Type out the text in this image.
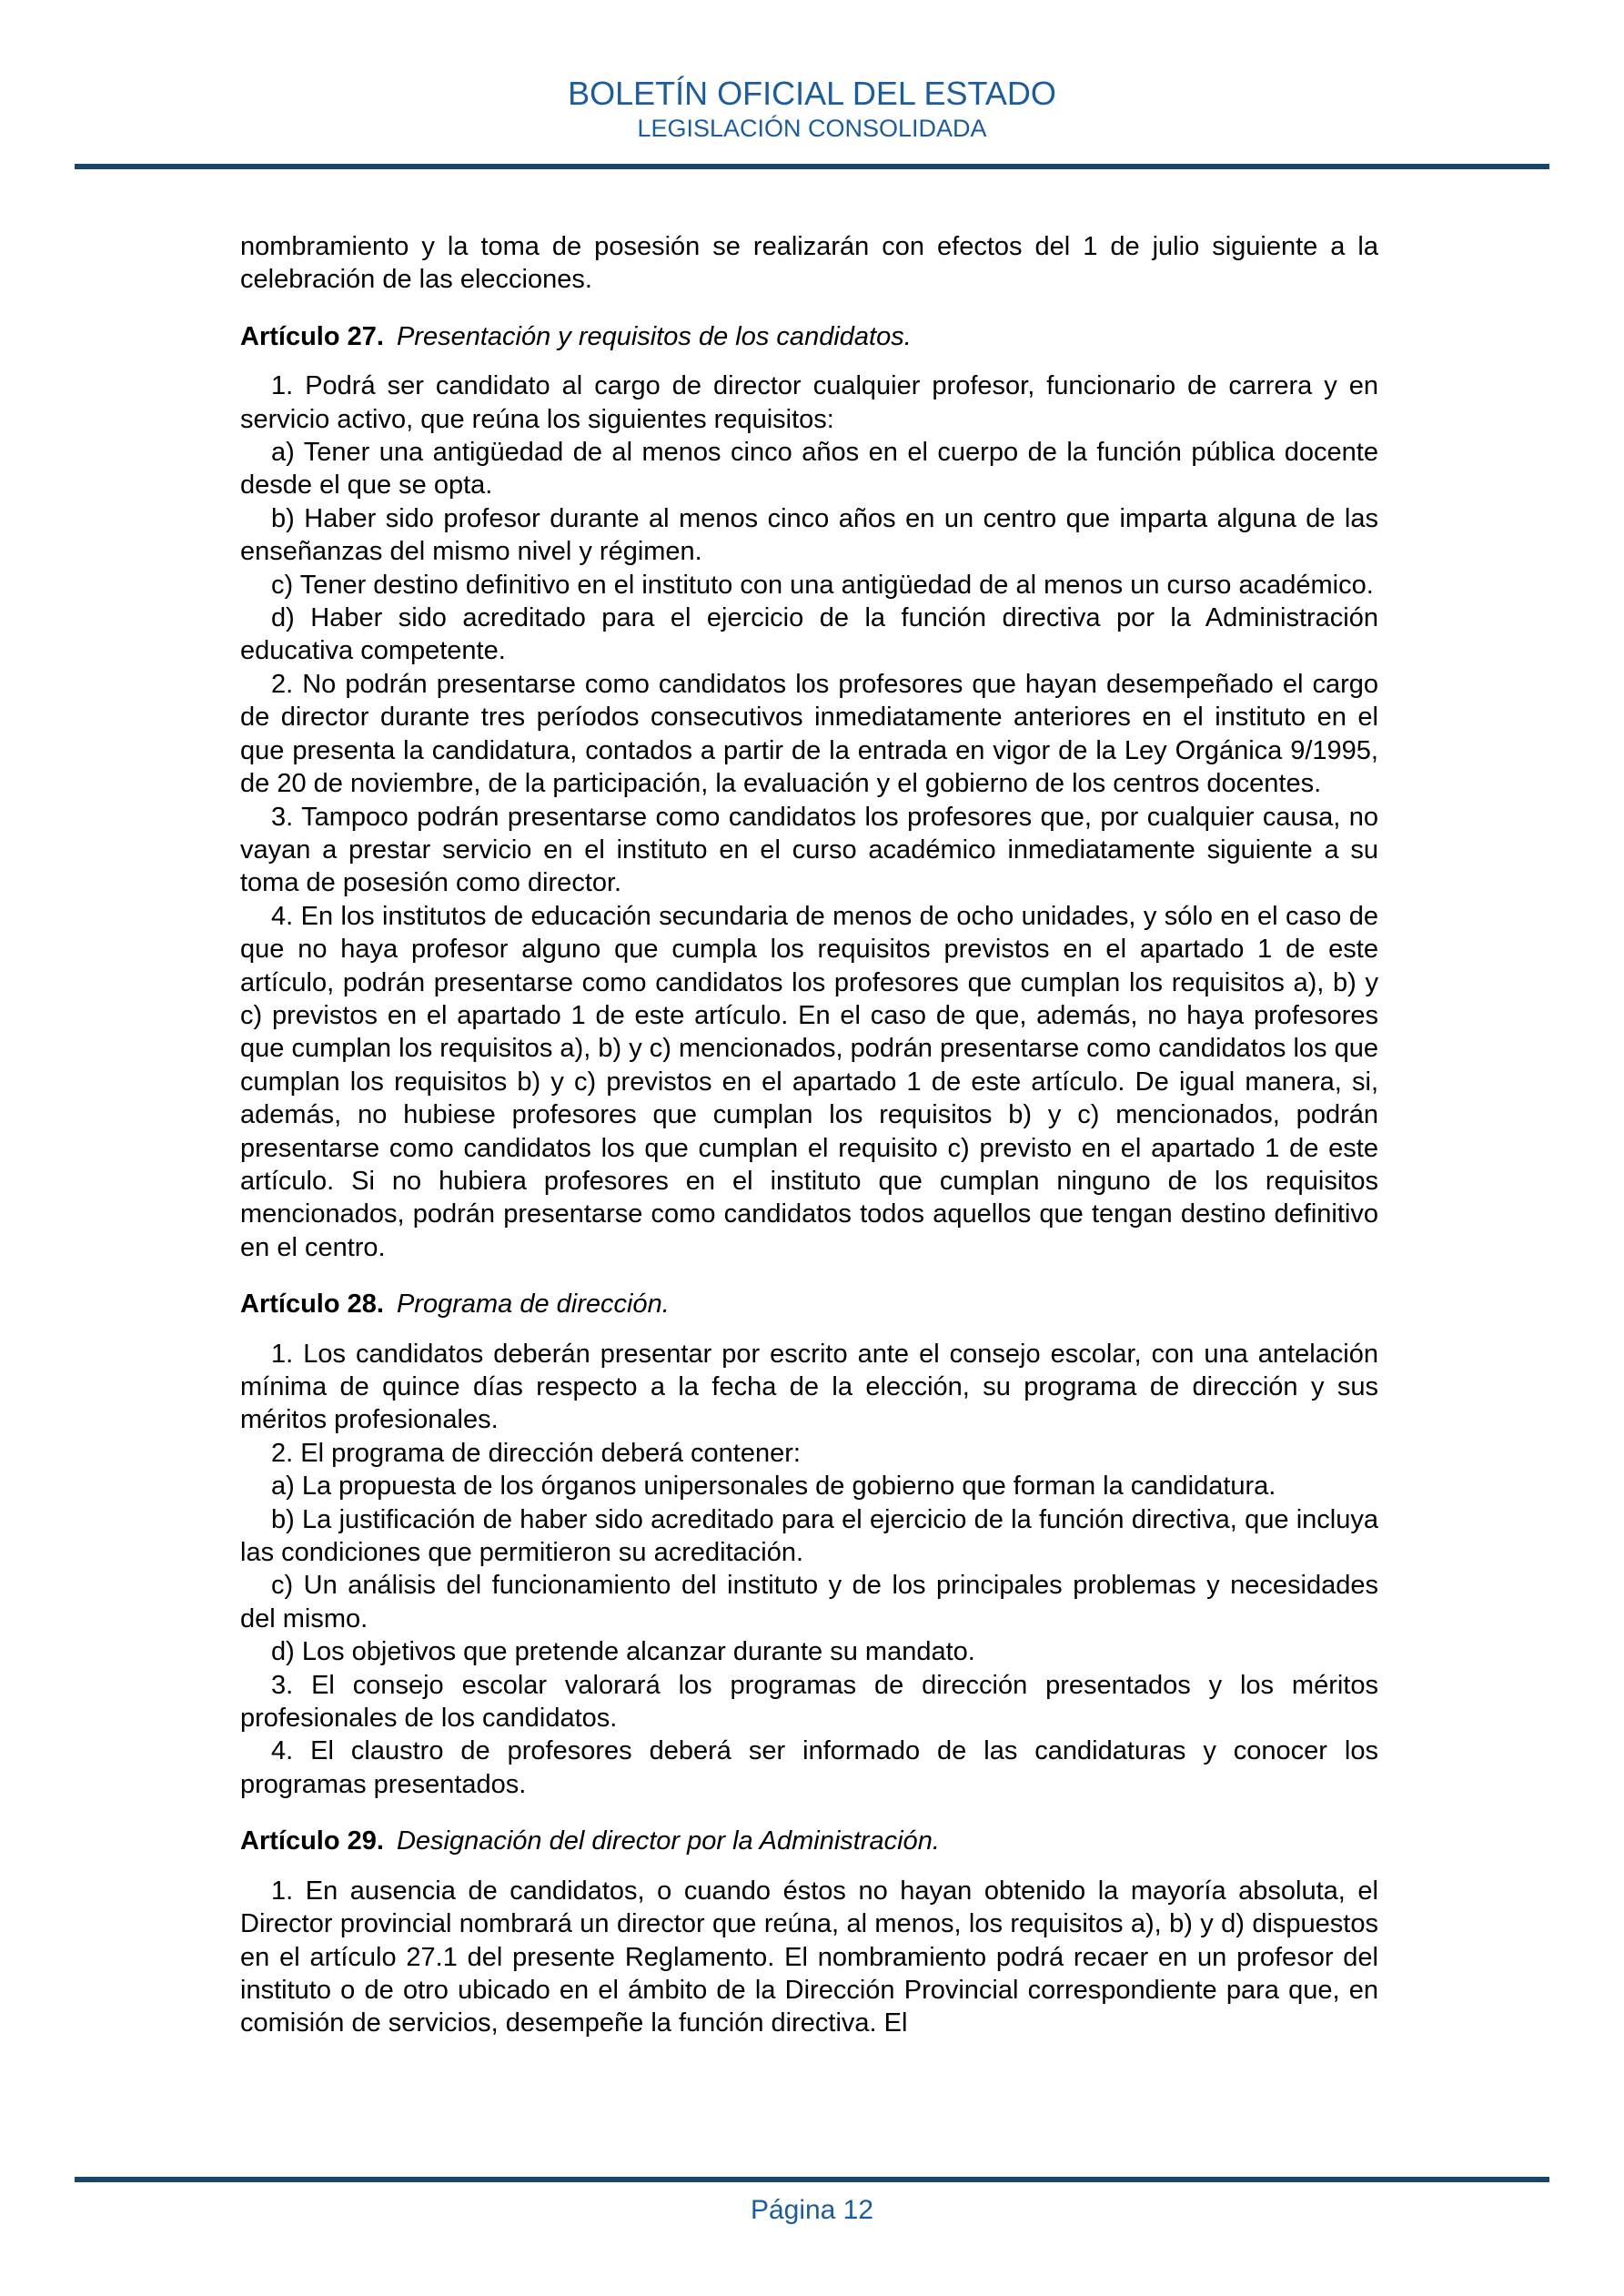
BOLETÍN OFICIAL DEL ESTADO
LEGISLACIÓN CONSOLIDADA

nombramiento y la toma de posesión se realizarán con efectos del 1 de julio siguiente a la celebración de las elecciones.

Artículo 27. Presentación y requisitos de los candidatos.

1. Podrá ser candidato al cargo de director cualquier profesor, funcionario de carrera y en servicio activo, que reúna los siguientes requisitos:

a) Tener una antigüedad de al menos cinco años en el cuerpo de la función pública docente desde el que se opta.

b) Haber sido profesor durante al menos cinco años en un centro que imparta alguna de las enseñanzas del mismo nivel y régimen.

c) Tener destino definitivo en el instituto con una antigüedad de al menos un curso académico.

d) Haber sido acreditado para el ejercicio de la función directiva por la Administración educativa competente.

2. No podrán presentarse como candidatos los profesores que hayan desempeñado el cargo de director durante tres períodos consecutivos inmediatamente anteriores en el instituto en el que presenta la candidatura, contados a partir de la entrada en vigor de la Ley Orgánica 9/1995, de 20 de noviembre, de la participación, la evaluación y el gobierno de los centros docentes.

3. Tampoco podrán presentarse como candidatos los profesores que, por cualquier causa, no vayan a prestar servicio en el instituto en el curso académico inmediatamente siguiente a su toma de posesión como director.

4. En los institutos de educación secundaria de menos de ocho unidades, y sólo en el caso de que no haya profesor alguno que cumpla los requisitos previstos en el apartado 1 de este artículo, podrán presentarse como candidatos los profesores que cumplan los requisitos a), b) y c) previstos en el apartado 1 de este artículo. En el caso de que, además, no haya profesores que cumplan los requisitos a), b) y c) mencionados, podrán presentarse como candidatos los que cumplan los requisitos b) y c) previstos en el apartado 1 de este artículo. De igual manera, si, además, no hubiese profesores que cumplan los requisitos b) y c) mencionados, podrán presentarse como candidatos los que cumplan el requisito c) previsto en el apartado 1 de este artículo. Si no hubiera profesores en el instituto que cumplan ninguno de los requisitos mencionados, podrán presentarse como candidatos todos aquellos que tengan destino definitivo en el centro.

Artículo 28. Programa de dirección.

1. Los candidatos deberán presentar por escrito ante el consejo escolar, con una antelación mínima de quince días respecto a la fecha de la elección, su programa de dirección y sus méritos profesionales.

2. El programa de dirección deberá contener:

a) La propuesta de los órganos unipersonales de gobierno que forman la candidatura.

b) La justificación de haber sido acreditado para el ejercicio de la función directiva, que incluya las condiciones que permitieron su acreditación.

c) Un análisis del funcionamiento del instituto y de los principales problemas y necesidades del mismo.

d) Los objetivos que pretende alcanzar durante su mandato.

3. El consejo escolar valorará los programas de dirección presentados y los méritos profesionales de los candidatos.

4. El claustro de profesores deberá ser informado de las candidaturas y conocer los programas presentados.

Artículo 29. Designación del director por la Administración.

1. En ausencia de candidatos, o cuando éstos no hayan obtenido la mayoría absoluta, el Director provincial nombrará un director que reúna, al menos, los requisitos a), b) y d) dispuestos en el artículo 27.1 del presente Reglamento. El nombramiento podrá recaer en un profesor del instituto o de otro ubicado en el ámbito de la Dirección Provincial correspondiente para que, en comisión de servicios, desempeñe la función directiva. El

Página 12
